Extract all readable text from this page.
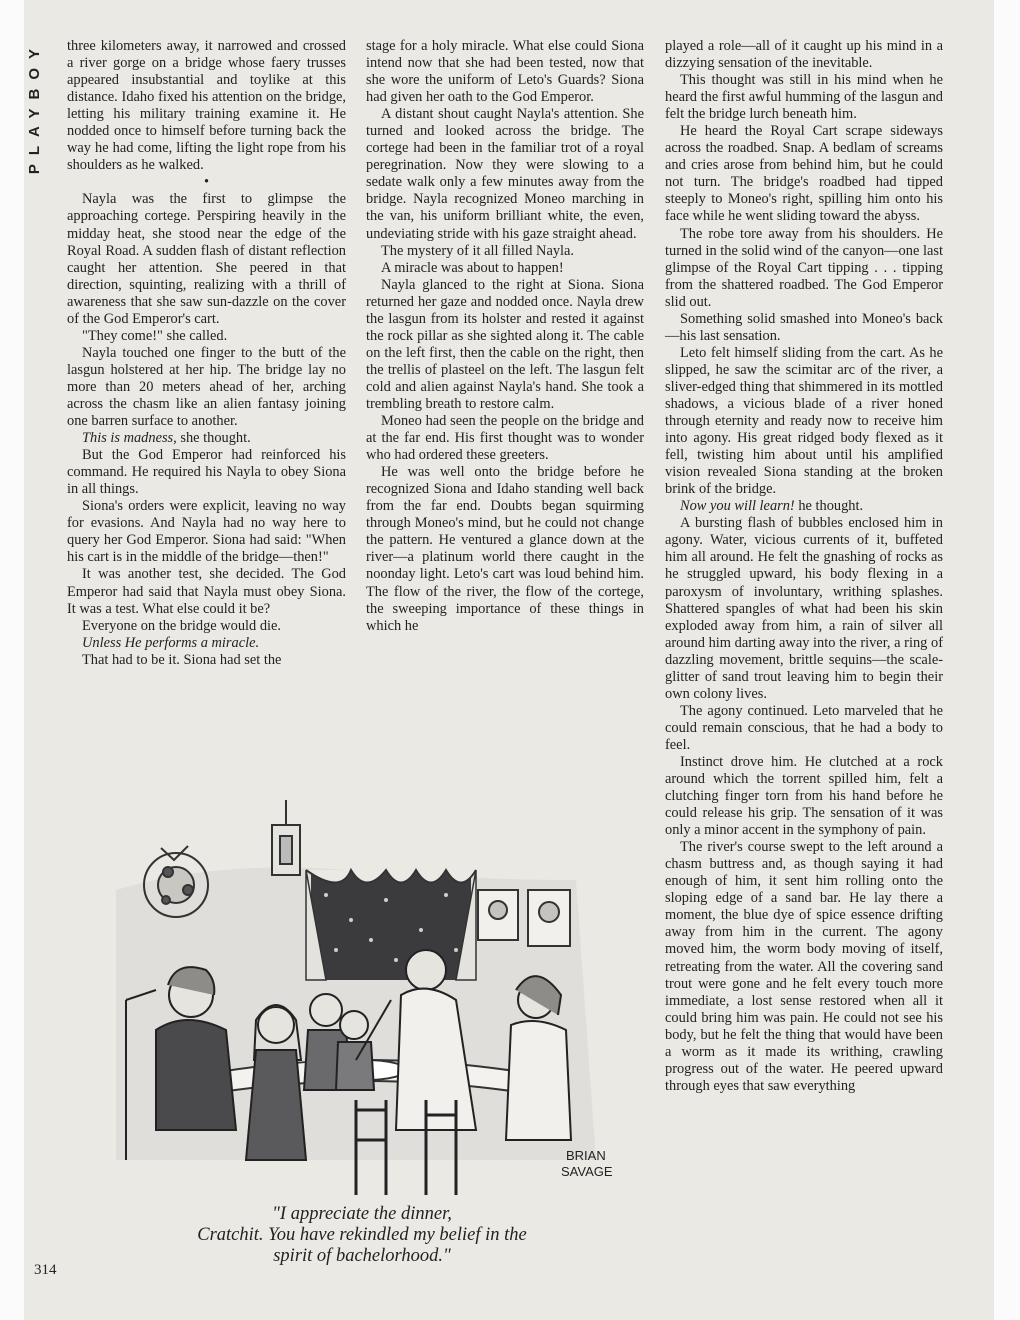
PLAYBOY	three kilometers away, it narrowed and crossed a river gorge on a bridge whose faery trusses appeared insubstantial and toylike at this distance. Idaho fixed his attention on the bridge, letting his military training examine it. He nodded once to himself before turning back the way he had come, lifting the light rope from his shoulders as he walked.

•

Nayla was the first to glimpse the approaching cortege. Perspiring heavily in the midday heat, she stood near the edge of the Royal Road. A sudden flash of distant reflection caught her attention. She peered in that direction, squinting, realizing with a thrill of awareness that she saw sun-dazzle on the cover of the God Emperor's cart.

"They come!" she called.

Nayla touched one finger to the butt of the lasgun holstered at her hip. The bridge lay no more than 20 meters ahead of her, arching across the chasm like an alien fantasy joining one barren surface to another.

This is madness, she thought.

But the God Emperor had reinforced his command. He required his Nayla to obey Siona in all things.

Siona's orders were explicit, leaving no way for evasions. And Nayla had no way here to query her God Emperor. Siona had said: "When his cart is in the middle of the bridge—then!"

It was another test, she decided. The God Emperor had said that Nayla must obey Siona. It was a test. What else could it be?

Everyone on the bridge would die.

Unless He performs a miracle.

That had to be it. Siona had set the

stage for a holy miracle. What else could Siona intend now that she had been tested, now that she wore the uniform of Leto's Guards? Siona had given her oath to the God Emperor.

A distant shout caught Nayla's attention. She turned and looked across the bridge. The cortege had been in the familiar trot of a royal peregrination. Now they were slowing to a sedate walk only a few minutes away from the bridge. Nayla recognized Moneo marching in the van, his uniform brilliant white, the even, undeviating stride with his gaze straight ahead.

The mystery of it all filled Nayla.

A miracle was about to happen!

Nayla glanced to the right at Siona. Siona returned her gaze and nodded once. Nayla drew the lasgun from its holster and rested it against the rock pillar as she sighted along it. The cable on the left first, then the cable on the right, then the trellis of plasteel on the left. The lasgun felt cold and alien against Nayla's hand. She took a trembling breath to restore calm.

Moneo had seen the people on the bridge and at the far end. His first thought was to wonder who had ordered these greeters.

He was well onto the bridge before he recognized Siona and Idaho standing well back from the far end. Doubts began squirming through Moneo's mind, but he could not change the pattern. He ventured a glance down at the river—a platinum world there caught in the noonday light. Leto's cart was loud behind him. The flow of the river, the flow of the cortege, the sweeping importance of these things in which he

played a role—all of it caught up his mind in a dizzying sensation of the inevitable.

This thought was still in his mind when he heard the first awful humming of the lasgun and felt the bridge lurch beneath him.

He heard the Royal Cart scrape sideways across the roadbed. Snap. A bedlam of screams and cries arose from behind him, but he could not turn. The bridge's roadbed had tipped steeply to Moneo's right, spilling him onto his face while he went sliding toward the abyss.

The robe tore away from his shoulders. He turned in the solid wind of the canyon—one last glimpse of the Royal Cart tipping . . . tipping from the shattered roadbed. The God Emperor slid out.

Something solid smashed into Moneo's back—his last sensation.

Leto felt himself sliding from the cart. As he slipped, he saw the scimitar arc of the river, a sliver-edged thing that shimmered in its mottled shadows, a vicious blade of a river honed through eternity and ready now to receive him into agony. His great ridged body flexed as it fell, twisting him about until his amplified vision revealed Siona standing at the broken brink of the bridge.

Now you will learn! he thought.

A bursting flash of bubbles enclosed him in agony. Water, vicious currents of it, buffeted him all around. He felt the gnashing of rocks as he struggled upward, his body flexing in a paroxysm of involuntary, writhing splashes. Shattered spangles of what had been his skin exploded away from him, a rain of silver all around him darting away into the river, a ring of dazzling movement, brittle sequins—the scale-glitter of sand trout leaving him to begin their own colony lives.

The agony continued. Leto marveled that he could remain conscious, that he had a body to feel.

Instinct drove him. He clutched at a rock around which the torrent spilled him, felt a clutching finger torn from his hand before he could release his grip. The sensation of it was only a minor accent in the symphony of pain.

The river's course swept to the left around a chasm buttress and, as though saying it had enough of him, it sent him rolling onto the sloping edge of a sand bar. He lay there a moment, the blue dye of spice essence drifting away from him in the current. The agony moved him, the worm body moving of itself, retreating from the water. All the covering sand trout were gone and he felt every touch more immediate, a lost sense restored when all it could bring him was pain. He could not see his body, but he felt the thing that would have been a worm as it made its writhing, crawling progress out of the water. He peered upward through eyes that saw everything

BRIAN
SAVAGE
"I appreciate the dinner,
Cratchit. You have rekindled my belief in the
spirit of bachelorhood."
314
